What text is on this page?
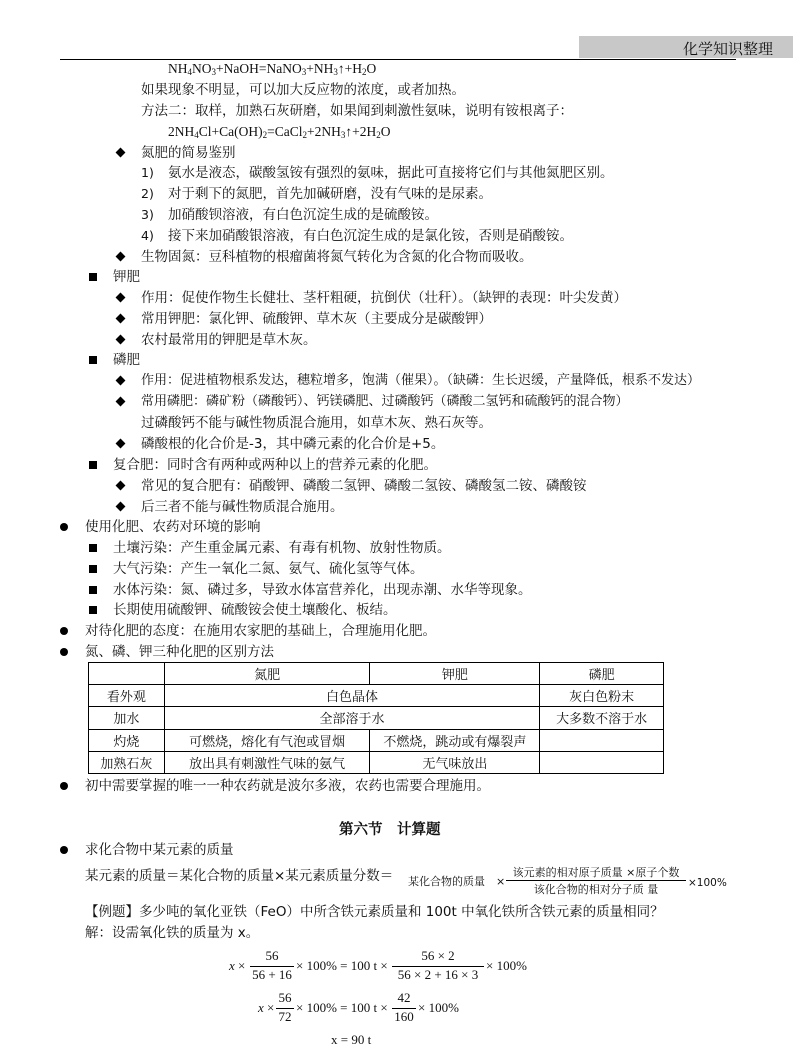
化学知识整理
$NH_4NO_3+NaOH=NaNO_3+NH_3↑+H_2O$
如果现象不明显，可以加大反应物的浓度，或者加热。
方法二：取样，加熟石灰研磨，如果闻到刺激性氨味，说明有铵根离子：
$2NH_4Cl+Ca(OH)_2=CaCl_2+2NH_3↑+2H_2O$
氮肥的简易鉴别
1) 氨水是液态，碳酸氢铵有强烈的氨味，据此可直接将它们与其他氮肥区别。
2) 对于剩下的氮肥，首先加碱研磨，没有气味的是尿素。
3) 加硝酸钡溶液，有白色沉淀生成的是硫酸铵。
4) 接下来加硝酸银溶液，有白色沉淀生成的是氯化铵，否则是硝酸铵。
生物固氮：豆科植物的根瘤菌将氮气转化为含氮的化合物而吸收。
钾肥
作用：促使作物生长健壮、茎杆粗硬，抗倒伏（壮秆）。（缺钾的表现：叶尖发黄）
常用钾肥：氯化钾、硫酸钾、草木灰（主要成分是碳酸钾）
农村最常用的钾肥是草木灰。
磷肥
作用：促进植物根系发达，穗粒增多，饱满（催果）。（缺磷：生长迟缓，产量降低，根系不发达）
常用磷肥：磷矿粉（磷酸钙）、钙镁磷肥、过磷酸钙（磷酸二氢钙和硫酸钙的混合物）
过磷酸钙不能与碱性物质混合施用，如草木灰、熟石灰等。
磷酸根的化合价是-3，其中磷元素的化合价是+5。
复合肥：同时含有两种或两种以上的营养元素的化肥。
常见的复合肥有：硝酸钾、磷酸二氢钾、磷酸二氢铵、磷酸氢二铵、磷酸铵
后三者不能与碱性物质混合施用。
使用化肥、农药对环境的影响
土壤污染：产生重金属元素、有毒有机物、放射性物质。
大气污染：产生一氧化二氮、氨气、硫化氢等气体。
水体污染：氮、磷过多，导致水体富营养化，出现赤潮、水华等现象。
长期使用硫酸钾、硫酸铵会使土壤酸化、板结。
对待化肥的态度：在施用农家肥的基础上，合理施用化肥。
氮、磷、钾三种化肥的区别方法
	氮肥	钾肥	磷肥
看外观	白色晶体		灰白色粉末
加水	全部溶于水		大多数不溶于水
灼烧	可燃烧，熔化有气泡或冒烟	不燃烧，跳动或有爆裂声	
加熟石灰	放出具有刺激性气味的氨气	无气味放出	
初中需要掌握的唯一一种农药就是波尔多液，农药也需要合理施用。
第六节　计算题
求化合物中某元素的质量
某元素的质量＝某化合物的质量×某元素质量分数＝ 某化合物的质量 ×
该元素的相对原子质量 ×原子个数
该化合物的相对分子质 量	×100%
【例题】多少吨的氧化亚铁（FeO）中所含铁元素质量和 100t 中氧化铁所含铁元素的质量相同？
解：设需氧化铁的质量为 x。
x ×
56
56 + 16
× 100% = 100 t ×
56 × 2
56 × 2 + 16 × 3
× 100%
x ×
56
72
× 100% = 100 t ×
42
160
× 100%
x = 90 t
